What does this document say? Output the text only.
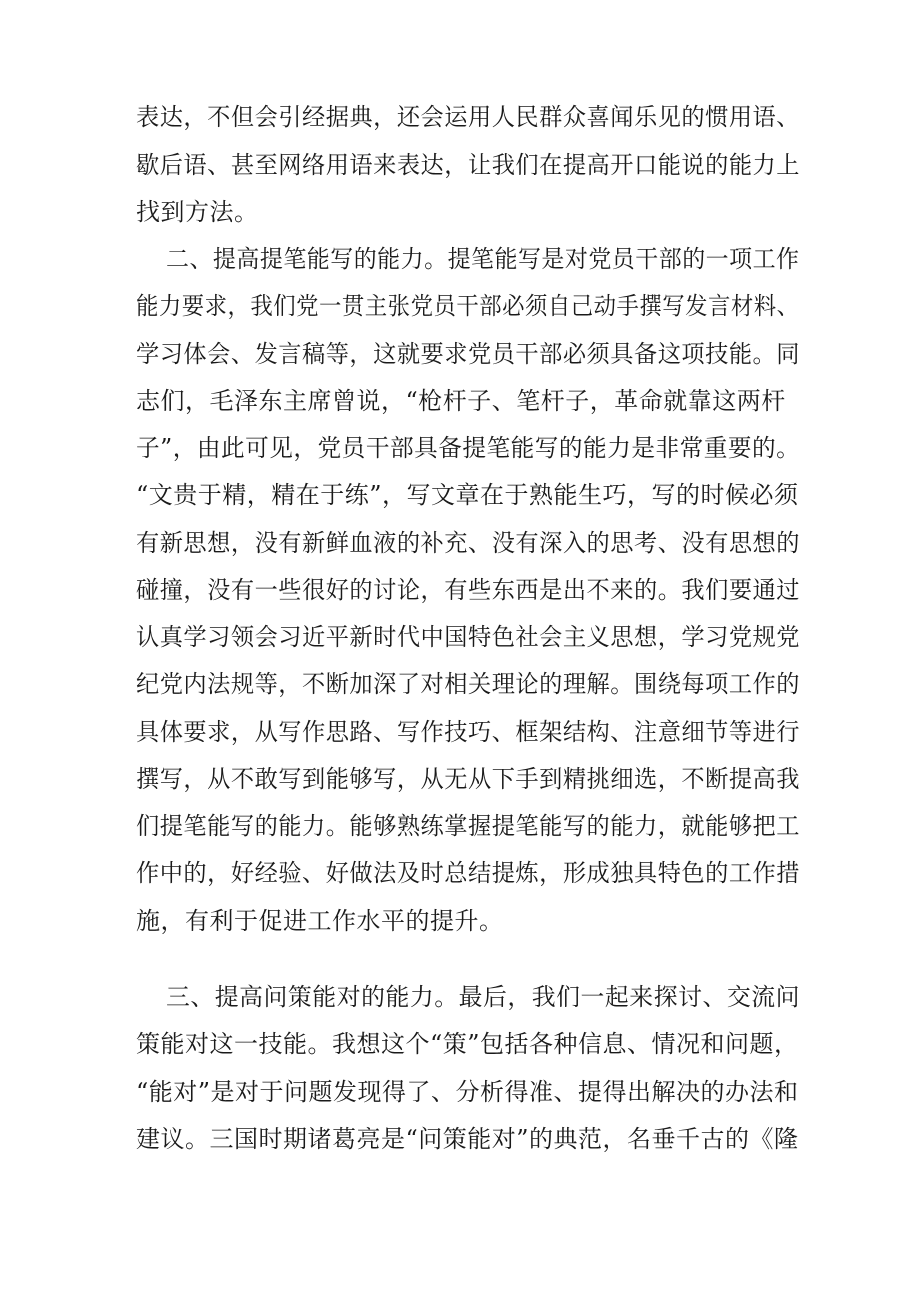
表达，不但会引经据典，还会运用人民群众喜闻乐见的惯用语、
歇后语、甚至网络用语来表达，让我们在提高开口能说的能力上
找到方法。
二、提高提笔能写的能力。提笔能写是对党员干部的一项工作
能力要求，我们党一贯主张党员干部必须自己动手撰写发言材料、
学习体会、发言稿等，这就要求党员干部必须具备这项技能。同
志们，毛泽东主席曾说，“枪杆子、笔杆子，革命就靠这两杆
子”，由此可见，党员干部具备提笔能写的能力是非常重要的。
“文贵于精，精在于练”，写文章在于熟能生巧，写的时候必须
有新思想，没有新鲜血液的补充、没有深入的思考、没有思想的
碰撞，没有一些很好的讨论，有些东西是出不来的。我们要通过
认真学习领会习近平新时代中国特色社会主义思想，学习党规党
纪党内法规等，不断加深了对相关理论的理解。围绕每项工作的
具体要求，从写作思路、写作技巧、框架结构、注意细节等进行
撰写，从不敢写到能够写，从无从下手到精挑细选，不断提高我
们提笔能写的能力。能够熟练掌握提笔能写的能力，就能够把工
作中的，好经验、好做法及时总结提炼，形成独具特色的工作措
施，有利于促进工作水平的提升。
三、提高问策能对的能力。最后，我们一起来探讨、交流问
策能对这一技能。我想这个“策”包括各种信息、情况和问题，
“能对”是对于问题发现得了、分析得准、提得出解决的办法和
建议。三国时期诸葛亮是“问策能对”的典范，名垂千古的《隆
